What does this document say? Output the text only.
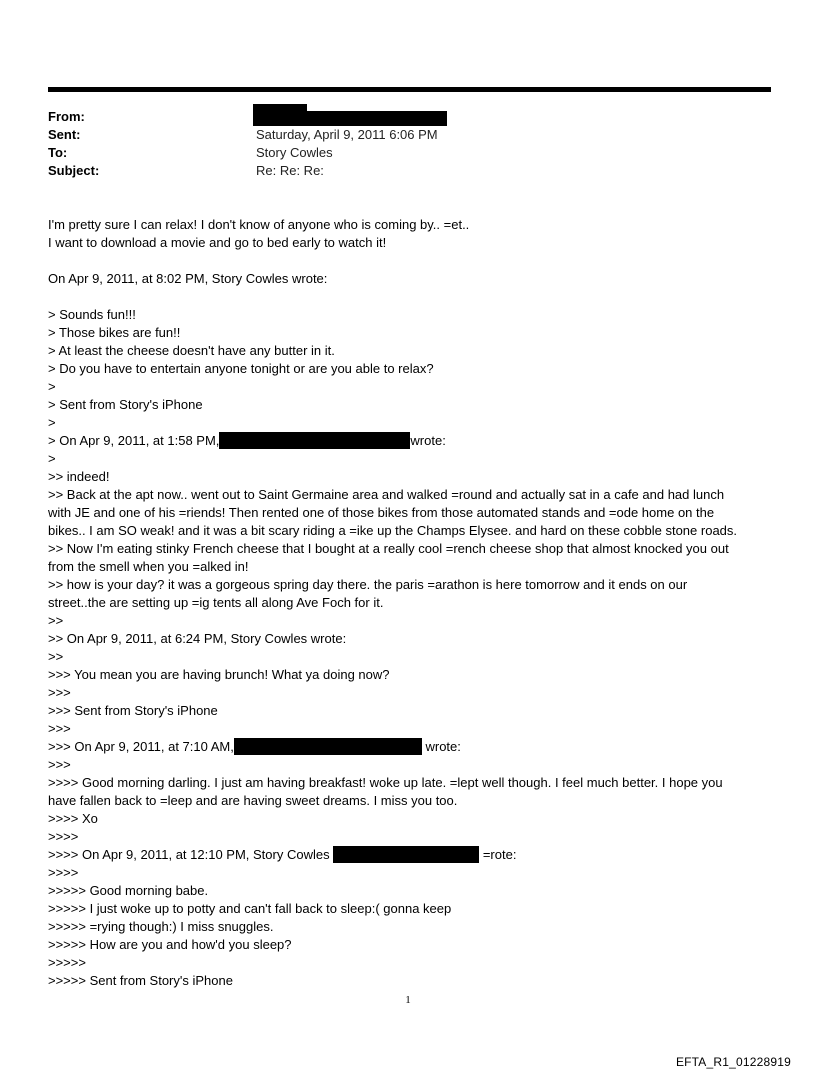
From:
Sent:	Saturday, April 9, 2011 6:06 PM
To:	Story Cowles
Subject:	Re: Re: Re:
I'm pretty sure I can relax! I don't know of anyone who is coming by.. =et..
I want to download a movie and go to bed early to watch it!
On Apr 9, 2011, at 8:02 PM, Story Cowles wrote:
> Sounds fun!!!
> Those bikes are fun!!
> At least the cheese doesn't have any butter in it.
> Do you have to entertain anyone tonight or are you able to relax?
>
> Sent from Story's iPhone
>
> On Apr 9, 2011, at 1:58 PM,	wrote:
>
>> indeed!
>> Back at the apt now.. went out to Saint Germaine area and walked =round and actually sat in a cafe and had lunch
with JE and one of his =riends! Then rented one of those bikes from those automated stands and =ode home on the
bikes.. I am SO weak! and it was a bit scary riding a =ike up the Champs Elysee. and hard on these cobble stone roads.
>> Now I'm eating stinky French cheese that I bought at a really cool =rench cheese shop that almost knocked you out
from the smell when you =alked in!
>> how is your day? it was a gorgeous spring day there. the paris =arathon is here tomorrow and it ends on our
street..the are setting up =ig tents all along Ave Foch for it.
>>
>> On Apr 9, 2011, at 6:24 PM, Story Cowles wrote:
>>
>>> You mean you are having brunch! What ya doing now?
>>>
>>> Sent from Story's iPhone
>>>
>>> On Apr 9, 2011, at 7:10 AM,	wrote:
>>>
>>>> Good morning darling. I just am having breakfast! woke up late. =lept well though. I feel much better. I hope you
have fallen back to =leep and are having sweet dreams. I miss you too.
>>>> Xo
>>>>
>>>> On Apr 9, 2011, at 12:10 PM, Story Cowles	=rote:
>>>>
>>>>> Good morning babe.
>>>>> I just woke up to potty and can't fall back to sleep:( gonna keep
>>>>> =rying though:) I miss snuggles.
>>>>> How are you and how'd you sleep?
>>>>>
>>>>> Sent from Story's iPhone
1
EFTA_R1_01228919
